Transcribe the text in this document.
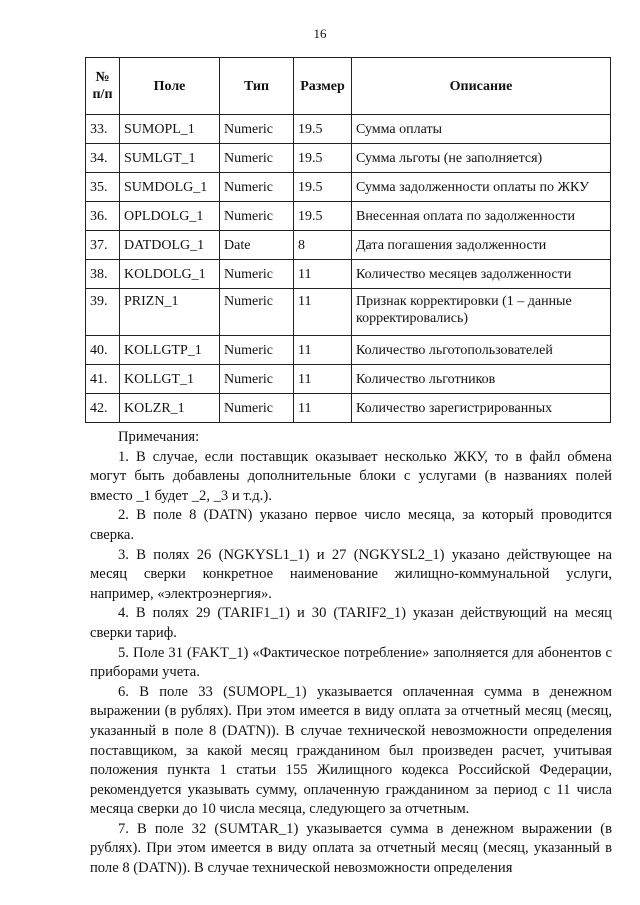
16
№ п/п	Поле	Тип	Размер	Описание
33.	SUMOPL_1	Numeric	19.5	Сумма оплаты
34.	SUMLGT_1	Numeric	19.5	Сумма льготы (не заполняется)
35.	SUMDOLG_1	Numeric	19.5	Сумма задолженности оплаты по ЖКУ
36.	OPLDOLG_1	Numeric	19.5	Внесенная оплата по задолженности
37.	DATDOLG_1	Date	8	Дата погашения задолженности
38.	KOLDOLG_1	Numeric	11	Количество месяцев задолженности
39.	PRIZN_1	Numeric	11	Признак корректировки (1 – данные корректировались)
40.	KOLLGTP_1	Numeric	11	Количество льготопользователей
41.	KOLLGT_1	Numeric	11	Количество льготников
42.	KOLZR_1	Numeric	11	Количество зарегистрированных

Примечания:

1. В случае, если поставщик оказывает несколько ЖКУ, то в файл обмена могут быть добавлены дополнительные блоки с услугами (в названиях полей вместо _1 будет _2, _3 и т.д.).

2. В поле 8 (DATN) указано первое число месяца, за который проводится сверка.

3. В полях 26 (NGKYSL1_1) и 27 (NGKYSL2_1) указано действующее на месяц сверки конкретное наименование жилищно-коммунальной услуги, например, «электроэнергия».

4. В полях 29 (TARIF1_1) и 30 (TARIF2_1) указан действующий на месяц сверки тариф.

5. Поле 31 (FAKT_1) «Фактическое потребление» заполняется для абонентов с приборами учета.

6. В поле 33 (SUMOPL_1) указывается оплаченная сумма в денежном выражении (в рублях). При этом имеется в виду оплата за отчетный месяц (месяц, указанный в поле 8 (DATN)). В случае технической невозможности определения поставщиком, за какой месяц гражданином был произведен расчет, учитывая положения пункта 1 статьи 155 Жилищного кодекса Российской Федерации, рекомендуется указывать сумму, оплаченную гражданином за период с 11 числа месяца сверки до 10 числа месяца, следующего за отчетным.

7. В поле 32 (SUMTAR_1) указывается сумма в денежном выражении (в рублях). При этом имеется в виду оплата за отчетный месяц (месяц, указанный в поле 8 (DATN)). В случае технической невозможности определения
